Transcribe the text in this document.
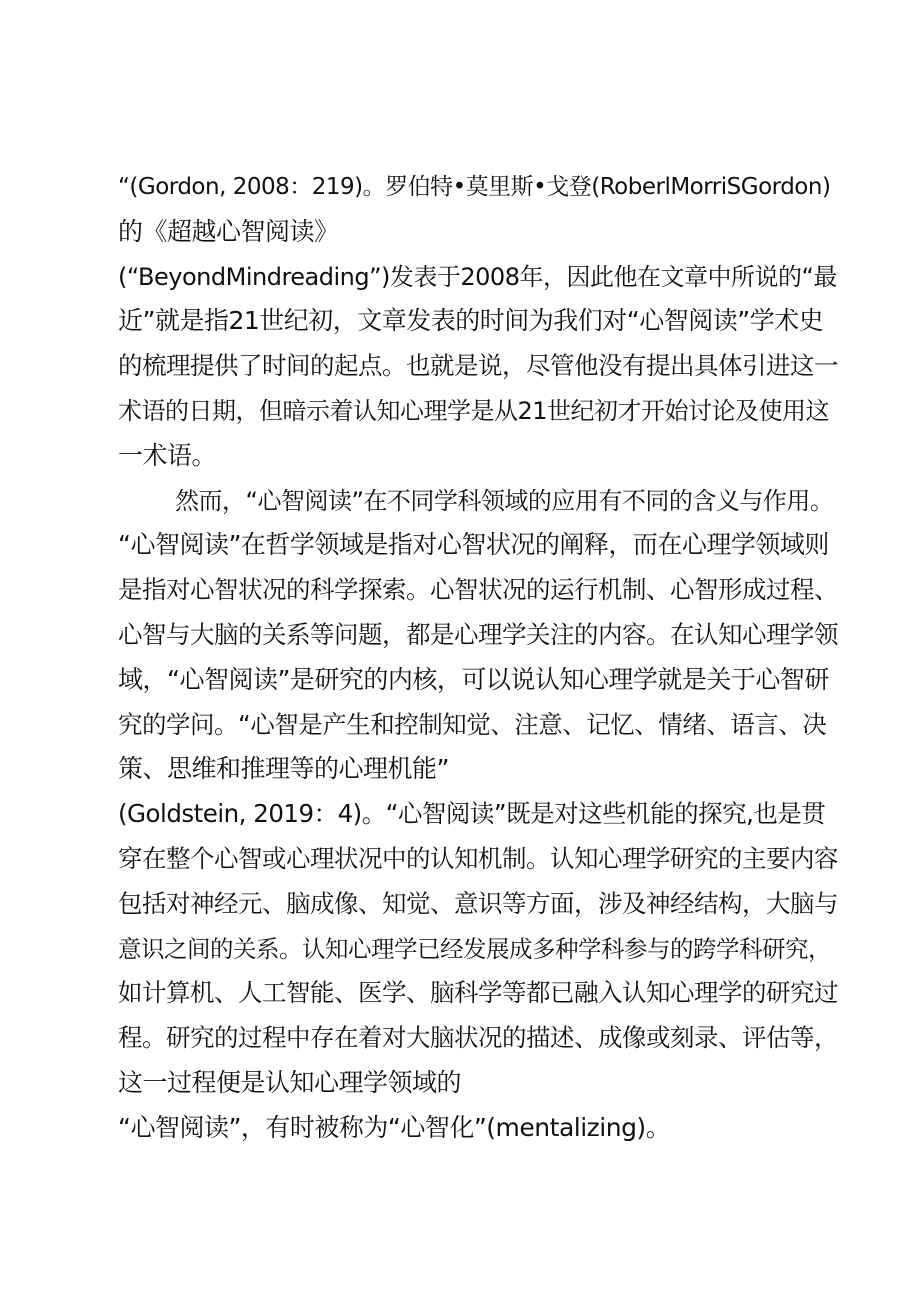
“(Gordon, 2008：219)。罗伯特•莫里斯•戈登(RoberlMorriSGordon)
的《超越心智阅读》
(“BeyondMindreading”)发表于2008年，因此他在文章中所说的“最
近”就是指21世纪初，文章发表的时间为我们对“心智阅读”学术史
的梳理提供了时间的起点。也就是说，尽管他没有提出具体引进这一
术语的日期，但暗示着认知心理学是从21世纪初才开始讨论及使用这
一术语。
然而，“心智阅读”在不同学科领域的应用有不同的含义与作用。
“心智阅读”在哲学领域是指对心智状况的阐释，而在心理学领域则
是指对心智状况的科学探索。心智状况的运行机制、心智形成过程、
心智与大脑的关系等问题，都是心理学关注的内容。在认知心理学领
域，“心智阅读”是研究的内核，可以说认知心理学就是关于心智研
究的学问。“心智是产生和控制知觉、注意、记忆、情绪、语言、决
策、思维和推理等的心理机能”
(Goldstein, 2019：4)。“心智阅读”既是对这些机能的探究,也是贯
穿在整个心智或心理状况中的认知机制。认知心理学研究的主要内容
包括对神经元、脑成像、知觉、意识等方面，涉及神经结构，大脑与
意识之间的关系。认知心理学已经发展成多种学科参与的跨学科研究，
如计算机、人工智能、医学、脑科学等都已融入认知心理学的研究过
程。研究的过程中存在着对大脑状况的描述、成像或刻录、评估等，
这一过程便是认知心理学领域的
“心智阅读”，有时被称为“心智化”(mentalizing)。
